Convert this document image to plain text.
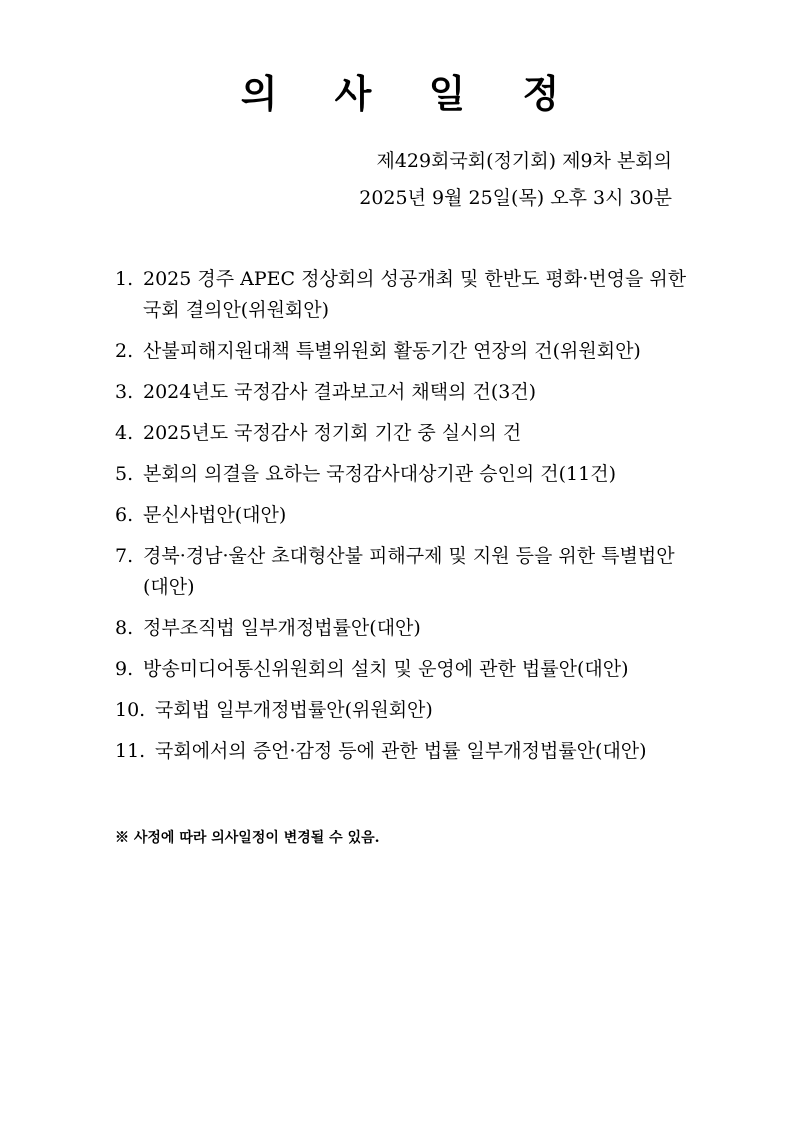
의 사 일 정
제429회국회(정기회) 제9차 본회의
2025년 9월 25일(목) 오후 3시 30분
1. 2025 경주 APEC 정상회의 성공개최 및 한반도 평화·번영을 위한 국회 결의안(위원회안)
2. 산불피해지원대책 특별위원회 활동기간 연장의 건(위원회안)
3. 2024년도 국정감사 결과보고서 채택의 건(3건)
4. 2025년도 국정감사 정기회 기간 중 실시의 건
5. 본회의 의결을 요하는 국정감사대상기관 승인의 건(11건)
6. 문신사법안(대안)
7. 경북·경남·울산 초대형산불 피해구제 및 지원 등을 위한 특별법안(대안)
8. 정부조직법 일부개정법률안(대안)
9. 방송미디어통신위원회의 설치 및 운영에 관한 법률안(대안)
10. 국회법 일부개정법률안(위원회안)
11. 국회에서의 증언·감정 등에 관한 법률 일부개정법률안(대안)
※ 사정에 따라 의사일정이 변경될 수 있음.
